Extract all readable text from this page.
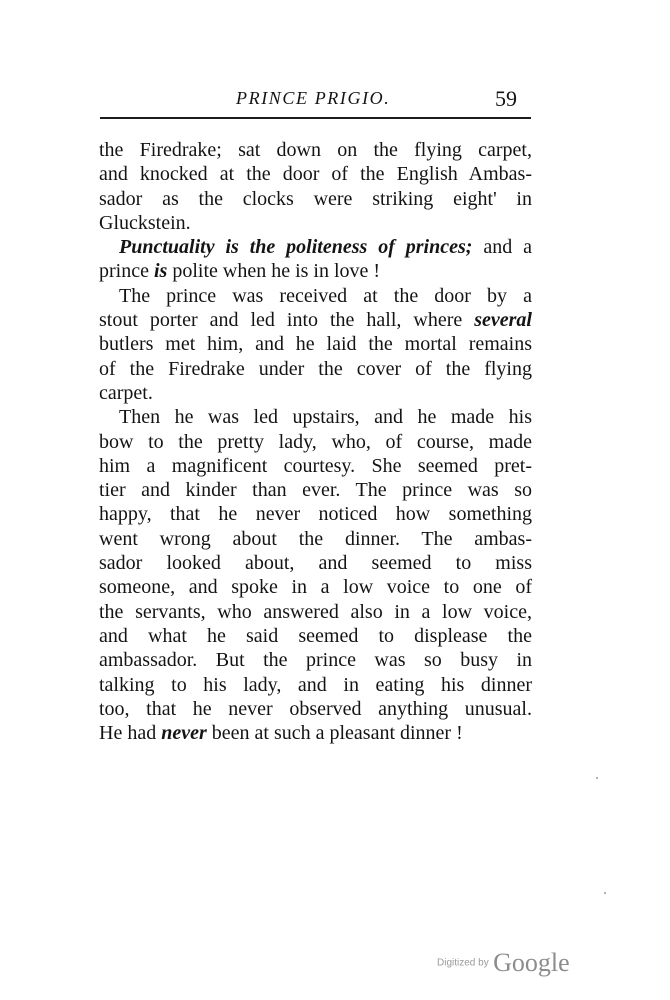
PRINCE PRIGIO.	59
the Firedrake; sat down on the flying carpet,
and knocked at the door of the English Ambas-
sador as the clocks were striking eight' in
Gluckstein.
Punctuality is the politeness of princes; and a
prince is polite when he is in love !
The prince was received at the door by a
stout porter and led into the hall, where several
butlers met him, and he laid the mortal remains
of the Firedrake under the cover of the flying
carpet.
Then he was led upstairs, and he made his
bow to the pretty lady, who, of course, made
him a magnificent courtesy. She seemed pret-
tier and kinder than ever. The prince was so
happy, that he never noticed how something
went wrong about the dinner. The ambas-
sador looked about, and seemed to miss
someone, and spoke in a low voice to one of
the servants, who answered also in a low voice,
and what he said seemed to displease the
ambassador. But the prince was so busy in
talking to his lady, and in eating his dinner
too, that he never observed anything unusual.
He had never been at such a pleasant dinner !
Digitized by Google
